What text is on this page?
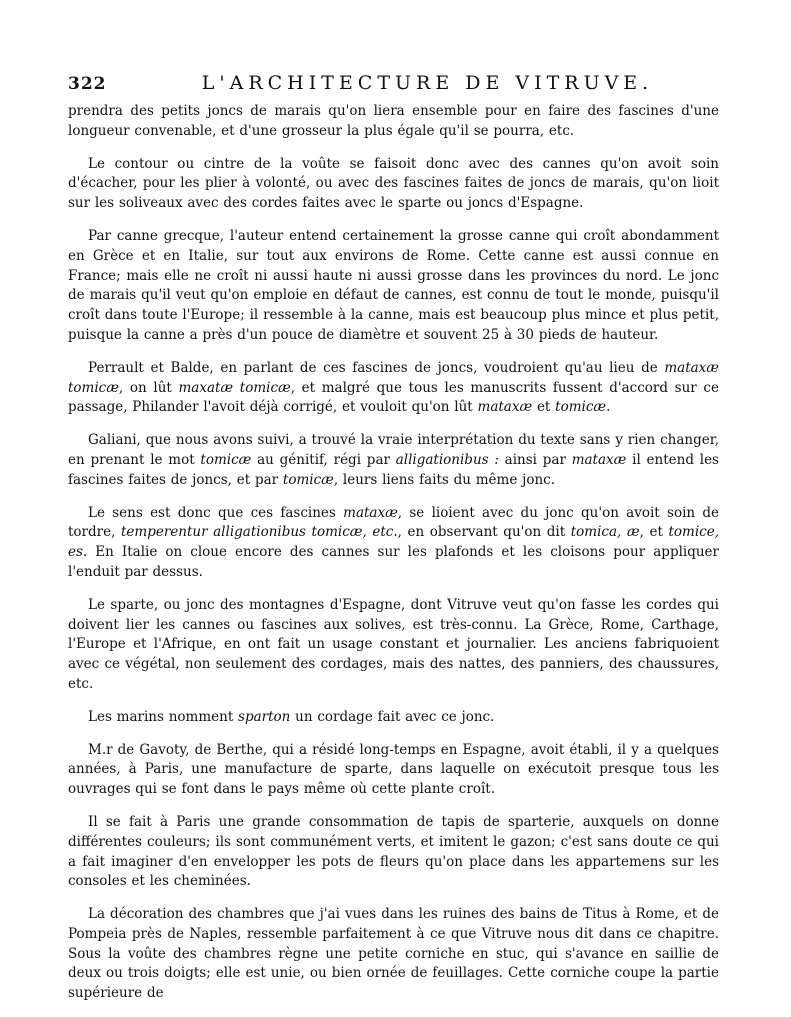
322	L'ARCHITECTURE DE VITRUVE.

prendra des petits joncs de marais qu'on liera ensemble pour en faire des fascines d'une longueur convenable, et d'une grosseur la plus égale qu'il se pourra, etc.

Le contour ou cintre de la voûte se faisoit donc avec des cannes qu'on avoit soin d'écacher, pour les plier à volonté, ou avec des fascines faites de joncs de marais, qu'on lioit sur les soliveaux avec des cordes faites avec le sparte ou joncs d'Espagne.

Par canne grecque, l'auteur entend certainement la grosse canne qui croît abondamment en Grèce et en Italie, sur tout aux environs de Rome. Cette canne est aussi connue en France; mais elle ne croît ni aussi haute ni aussi grosse dans les provinces du nord. Le jonc de marais qu'il veut qu'on emploie en défaut de cannes, est connu de tout le monde, puisqu'il croît dans toute l'Europe; il ressemble à la canne, mais est beaucoup plus mince et plus petit, puisque la canne a près d'un pouce de diamètre et souvent 25 à 30 pieds de hauteur.

Perrault et Balde, en parlant de ces fascines de joncs, voudroient qu'au lieu de mataxæ tomicæ, on lût maxatæ tomicæ, et malgré que tous les manuscrits fussent d'accord sur ce passage, Philander l'avoit déjà corrigé, et vouloit qu'on lût mataxæ et tomicæ.

Galiani, que nous avons suivi, a trouvé la vraie interprétation du texte sans y rien changer, en prenant le mot tomicæ au génitif, régi par alligationibus : ainsi par mataxæ il entend les fascines faites de joncs, et par tomicæ, leurs liens faits du même jonc.

Le sens est donc que ces fascines mataxæ, se lioient avec du jonc qu'on avoit soin de tordre, temperentur alligationibus tomicæ, etc., en observant qu'on dit tomica, æ, et tomice, es. En Italie on cloue encore des cannes sur les plafonds et les cloisons pour appliquer l'enduit par dessus.

Le sparte, ou jonc des montagnes d'Espagne, dont Vitruve veut qu'on fasse les cordes qui doivent lier les cannes ou fascines aux solives, est très-connu. La Grèce, Rome, Carthage, l'Europe et l'Afrique, en ont fait un usage constant et journalier. Les anciens fabriquoient avec ce végétal, non seulement des cordages, mais des nattes, des panniers, des chaussures, etc.

Les marins nomment sparton un cordage fait avec ce jonc.

M.r de Gavoty, de Berthe, qui a résidé long-temps en Espagne, avoit établi, il y a quelques années, à Paris, une manufacture de sparte, dans laquelle on exécutoit presque tous les ouvrages qui se font dans le pays même où cette plante croît.

Il se fait à Paris une grande consommation de tapis de sparterie, auxquels on donne différentes couleurs; ils sont communément verts, et imitent le gazon; c'est sans doute ce qui a fait imaginer d'en envelopper les pots de fleurs qu'on place dans les appartemens sur les consoles et les cheminées.

La décoration des chambres que j'ai vues dans les ruines des bains de Titus à Rome, et de Pompeia près de Naples, ressemble parfaitement à ce que Vitruve nous dit dans ce chapitre. Sous la voûte des chambres règne une petite corniche en stuc, qui s'avance en saillie de deux ou trois doigts; elle est unie, ou bien ornée de feuillages. Cette corniche coupe la partie supérieure de
